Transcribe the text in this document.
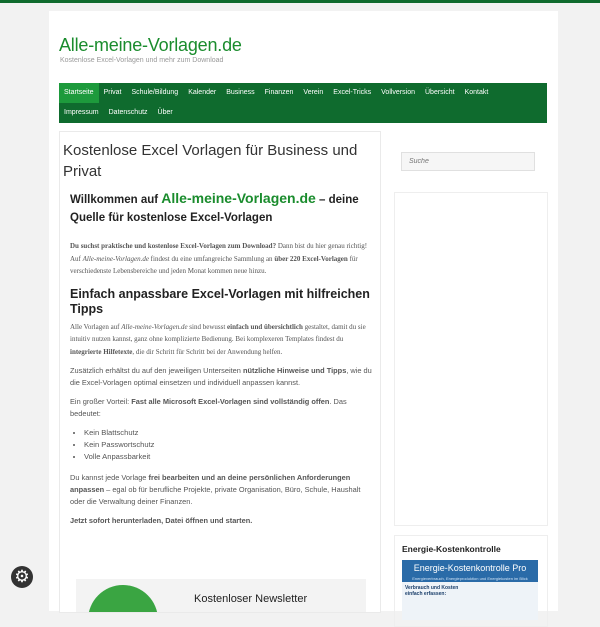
Alle-meine-Vorlagen.de
Kostenlose Excel-Vorlagen und mehr zum Download
Startseite	Privat	Schule/Bildung	Kalender	Business	Finanzen	Verein	Excel-Tricks	Vollversion	Übersicht	Kontakt
Impressum	Datenschutz	Über
Kostenlose Excel Vorlagen für Business und Privat

Willkommen auf Alle-meine-Vorlagen.de – deine Quelle für kostenlose Excel-Vorlagen

Du suchst praktische und kostenlose Excel-Vorlagen zum Download? Dann bist du hier genau richtig! Auf Alle-meine-Vorlagen.de findest du eine umfangreiche Sammlung an über 220 Excel-Vorlagen für verschiedenste Lebensbereiche und jeden Monat kommen neue hinzu.

Einfach anpassbare Excel-Vorlagen mit hilfreichen Tipps

Alle Vorlagen auf Alle-meine-Vorlagen.de sind bewusst einfach und übersichtlich gestaltet, damit du sie intuitiv nutzen kannst, ganz ohne komplizierte Bedienung. Bei komplexeren Templates findest du integrierte Hilfetexte, die dir Schritt für Schritt bei der Anwendung helfen.

Zusätzlich erhältst du auf den jeweiligen Unterseiten nützliche Hinweise und Tipps, wie du die Excel-Vorlagen optimal einsetzen und individuell anpassen kannst.

Ein großer Vorteil: Fast alle Microsoft Excel-Vorlagen sind vollständig offen. Das bedeutet:

• Kein Blattschutz
• Kein Passwortschutz
• Volle Anpassbarkeit

Du kannst jede Vorlage frei bearbeiten und an deine persönlichen Anforderungen anpassen – egal ob für berufliche Projekte, private Organisation, Büro, Schule, Haushalt oder die Verwaltung deiner Finanzen.

Jetzt sofort herunterladen, Datei öffnen und starten.

Kostenloser Newsletter
Suche
Energie-Kostenkontrolle
Energie-Kostenkontrolle Pro
Energieverbrauch, Energieproduktion und Energiekosten im Blick
Verbrauch und Kosten
einfach erfassen:
⚙
